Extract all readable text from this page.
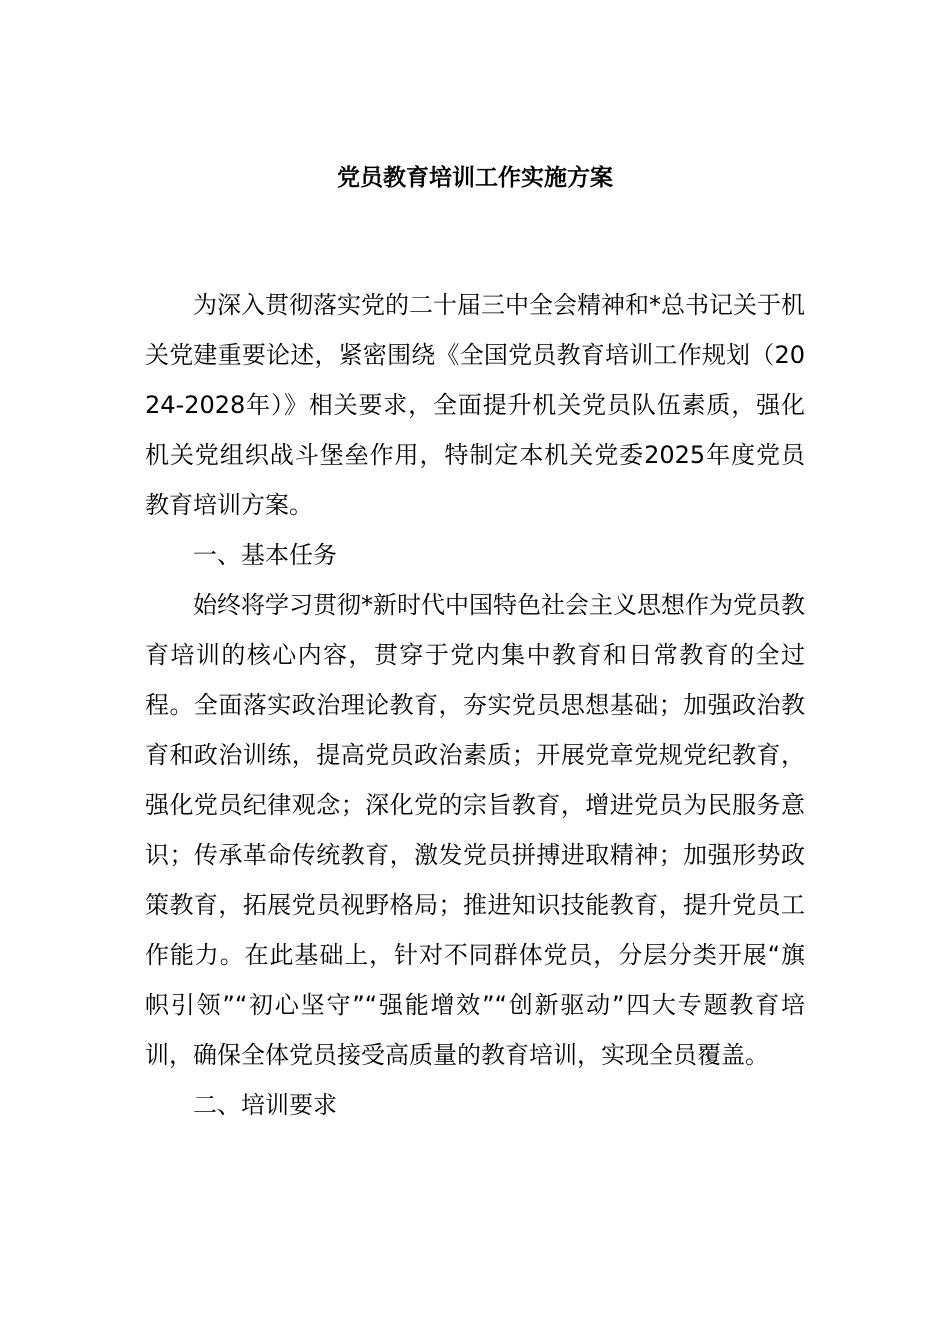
党员教育培训工作实施方案

为深入贯彻落实党的二十届三中全会精神和*总书记关于机关党建重要论述，紧密围绕《全国党员教育培训工作规划（2024-2028年）》相关要求，全面提升机关党员队伍素质，强化机关党组织战斗堡垒作用，特制定本机关党委2025年度党员教育培训方案。

一、基本任务

始终将学习贯彻*新时代中国特色社会主义思想作为党员教育培训的核心内容，贯穿于党内集中教育和日常教育的全过程。全面落实政治理论教育，夯实党员思想基础；加强政治教育和政治训练，提高党员政治素质；开展党章党规党纪教育，强化党员纪律观念；深化党的宗旨教育，增进党员为民服务意识；传承革命传统教育，激发党员拼搏进取精神；加强形势政策教育，拓展党员视野格局；推进知识技能教育，提升党员工作能力。在此基础上，针对不同群体党员，分层分类开展“旗帜引领”“初心坚守”“强能增效”“创新驱动”四大专题教育培训，确保全体党员接受高质量的教育培训，实现全员覆盖。

二、培训要求
